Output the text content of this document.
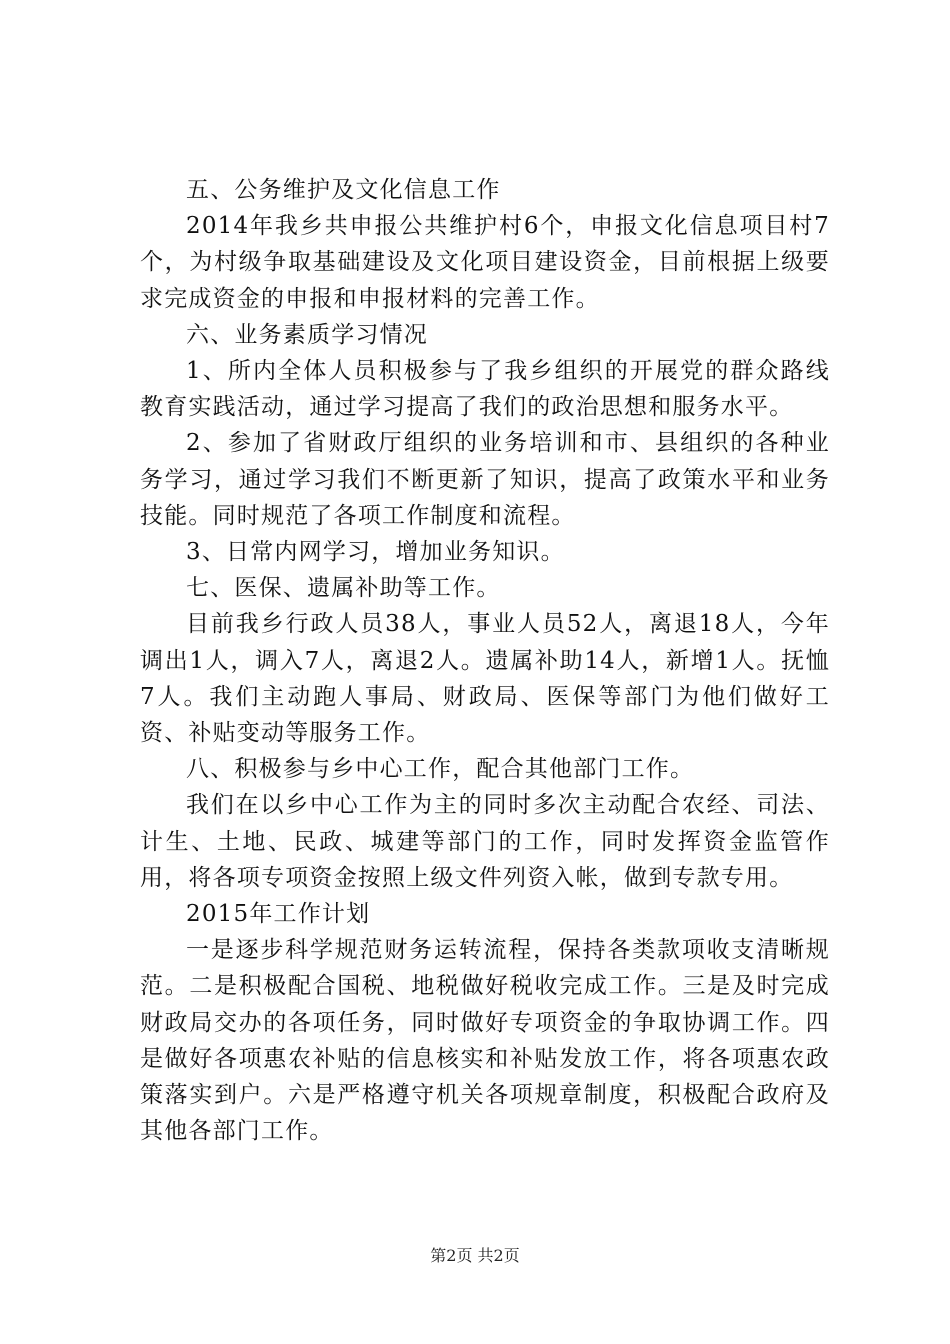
五、公务维护及文化信息工作

2014年我乡共申报公共维护村6个，申报文化信息项目村7个，为村级争取基础建设及文化项目建设资金，目前根据上级要求完成资金的申报和申报材料的完善工作。

六、业务素质学习情况

1、所内全体人员积极参与了我乡组织的开展党的群众路线教育实践活动，通过学习提高了我们的政治思想和服务水平。

2、参加了省财政厅组织的业务培训和市、县组织的各种业务学习，通过学习我们不断更新了知识，提高了政策水平和业务技能。同时规范了各项工作制度和流程。

3、日常内网学习，增加业务知识。

七、医保、遗属补助等工作。

目前我乡行政人员38人，事业人员52人，离退18人，今年调出1人，调入7人，离退2人。遗属补助14人，新增1人。抚恤7人。我们主动跑人事局、财政局、医保等部门为他们做好工资、补贴变动等服务工作。

八、积极参与乡中心工作，配合其他部门工作。

我们在以乡中心工作为主的同时多次主动配合农经、司法、计生、土地、民政、城建等部门的工作，同时发挥资金监管作用，将各项专项资金按照上级文件列资入帐，做到专款专用。

2015年工作计划

一是逐步科学规范财务运转流程，保持各类款项收支清晰规范。二是积极配合国税、地税做好税收完成工作。三是及时完成财政局交办的各项任务，同时做好专项资金的争取协调工作。四是做好各项惠农补贴的信息核实和补贴发放工作，将各项惠农政策落实到户。六是严格遵守机关各项规章制度，积极配合政府及其他各部门工作。

第2页 共2页
